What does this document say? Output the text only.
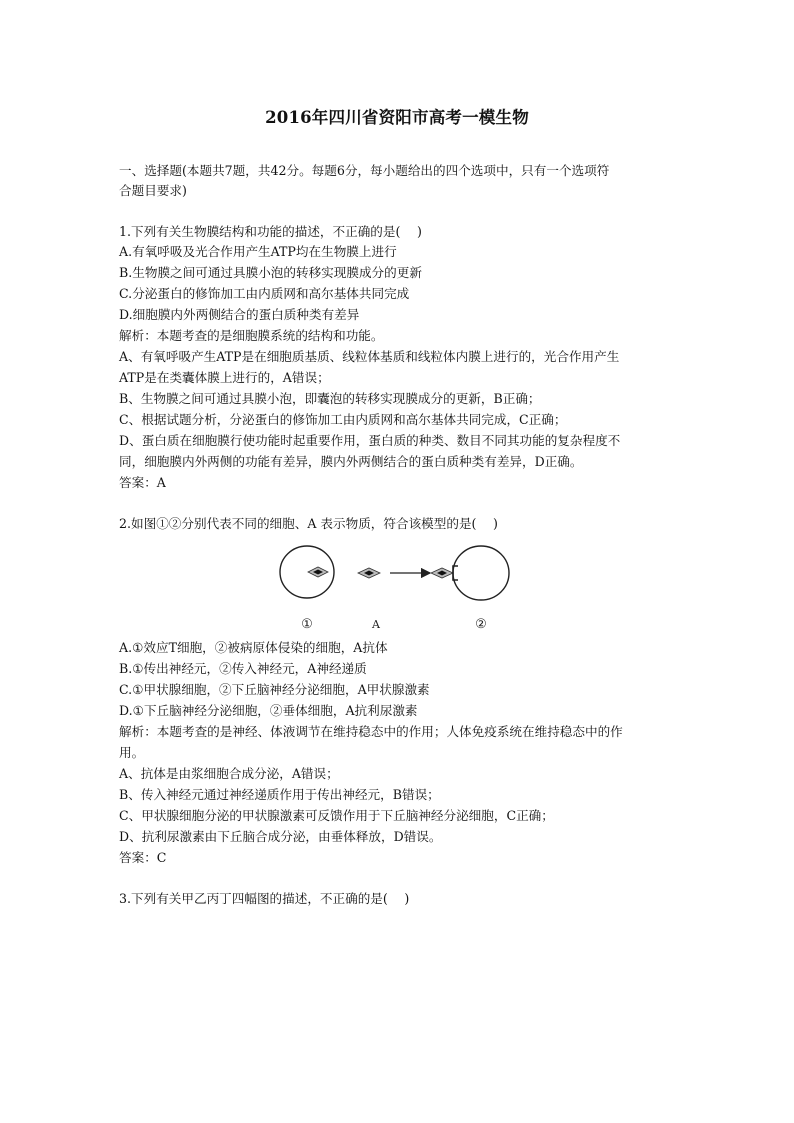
2016年四川省资阳市高考一模生物
一、选择题(本题共7题，共42分。每题6分，每小题给出的四个选项中，只有一个选项符
合题目要求)
1.下列有关生物膜结构和功能的描述，不正确的是(　 )
A.有氧呼吸及光合作用产生ATP均在生物膜上进行
B.生物膜之间可通过具膜小泡的转移实现膜成分的更新
C.分泌蛋白的修饰加工由内质网和高尔基体共同完成
D.细胞膜内外两侧结合的蛋白质种类有差异
解析：本题考查的是细胞膜系统的结构和功能。
A、有氧呼吸产生ATP是在细胞质基质、线粒体基质和线粒体内膜上进行的，光合作用产生
ATP是在类囊体膜上进行的，A错误；
B、生物膜之间可通过具膜小泡，即囊泡的转移实现膜成分的更新，B正确；
C、根据试题分析，分泌蛋白的修饰加工由内质网和高尔基体共同完成，C正确；
D、蛋白质在细胞膜行使功能时起重要作用，蛋白质的种类、数目不同其功能的复杂程度不
同，细胞膜内外两侧的功能有差异，膜内外两侧结合的蛋白质种类有差异，D正确。
答案：A
2.如图①②分别代表不同的细胞、A 表示物质，符合该模型的是(　 )
①	A	②
A.①效应T细胞，②被病原体侵染的细胞，A抗体
B.①传出神经元，②传入神经元，A神经递质
C.①甲状腺细胞，②下丘脑神经分泌细胞，A甲状腺激素
D.①下丘脑神经分泌细胞，②垂体细胞，A抗利尿激素
解析：本题考查的是神经、体液调节在维持稳态中的作用；人体免疫系统在维持稳态中的作
用。
A、抗体是由浆细胞合成分泌，A错误；
B、传入神经元通过神经递质作用于传出神经元，B错误；
C、甲状腺细胞分泌的甲状腺激素可反馈作用于下丘脑神经分泌细胞，C正确；
D、抗利尿激素由下丘脑合成分泌，由垂体释放，D错误。
答案：C
3.下列有关甲乙丙丁四幅图的描述，不正确的是(　 )
